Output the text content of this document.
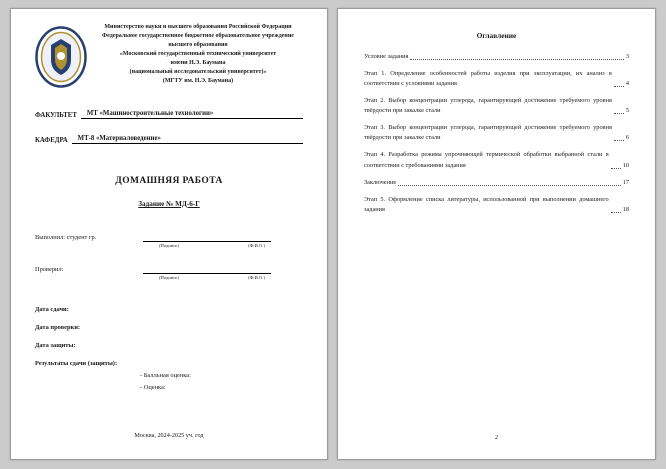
Министерство науки и высшего образования Российской Федерации
Федеральное государственное бюджетное образовательное учреждение
высшего образования
«Московский государственный технический университет
имени Н.Э. Баумана
(национальный исследовательский университет)»
(МГТУ им. Н.Э. Баумана)
ФАКУЛЬТЕТ	МТ «Машиностроительные технологии»
КАФЕДРА	МТ-8 «Материаловедение»
ДОМАШНЯЯ РАБОТА
Задание № МД-6-Г
Выполнил: студент гр.
(Подпись)	(Ф.И.О.)
Проверил:
(Подпись)	(Ф.И.О.)
Дата сдачи:
Дата проверки:
Дата защиты:
Результаты сдачи (защиты):
- Балльная оценка:
- Оценка:
Москва, 2024-2025 уч. год
Оглавление
Условие задания	3
Этап 1. Определение особенностей работы изделия при эксплуатации, их анализ в соответствии с условиями задания	4
Этап 2. Выбор концентрации углерода, гарантирующей достижение требуемого уровня твёрдости при закалке стали	5
Этап 3. Выбор концентрации углерода, гарантирующей достижение требуемого уровня твёрдости при закалке стали	6
Этап 4. Разработка режима упрочняющей термической обработки выбранной стали в соответствии с требованиями задания	10
Заключение	17
Этап 5. Оформление списка литературы, использованной при выполнении домашнего задания	18
2
